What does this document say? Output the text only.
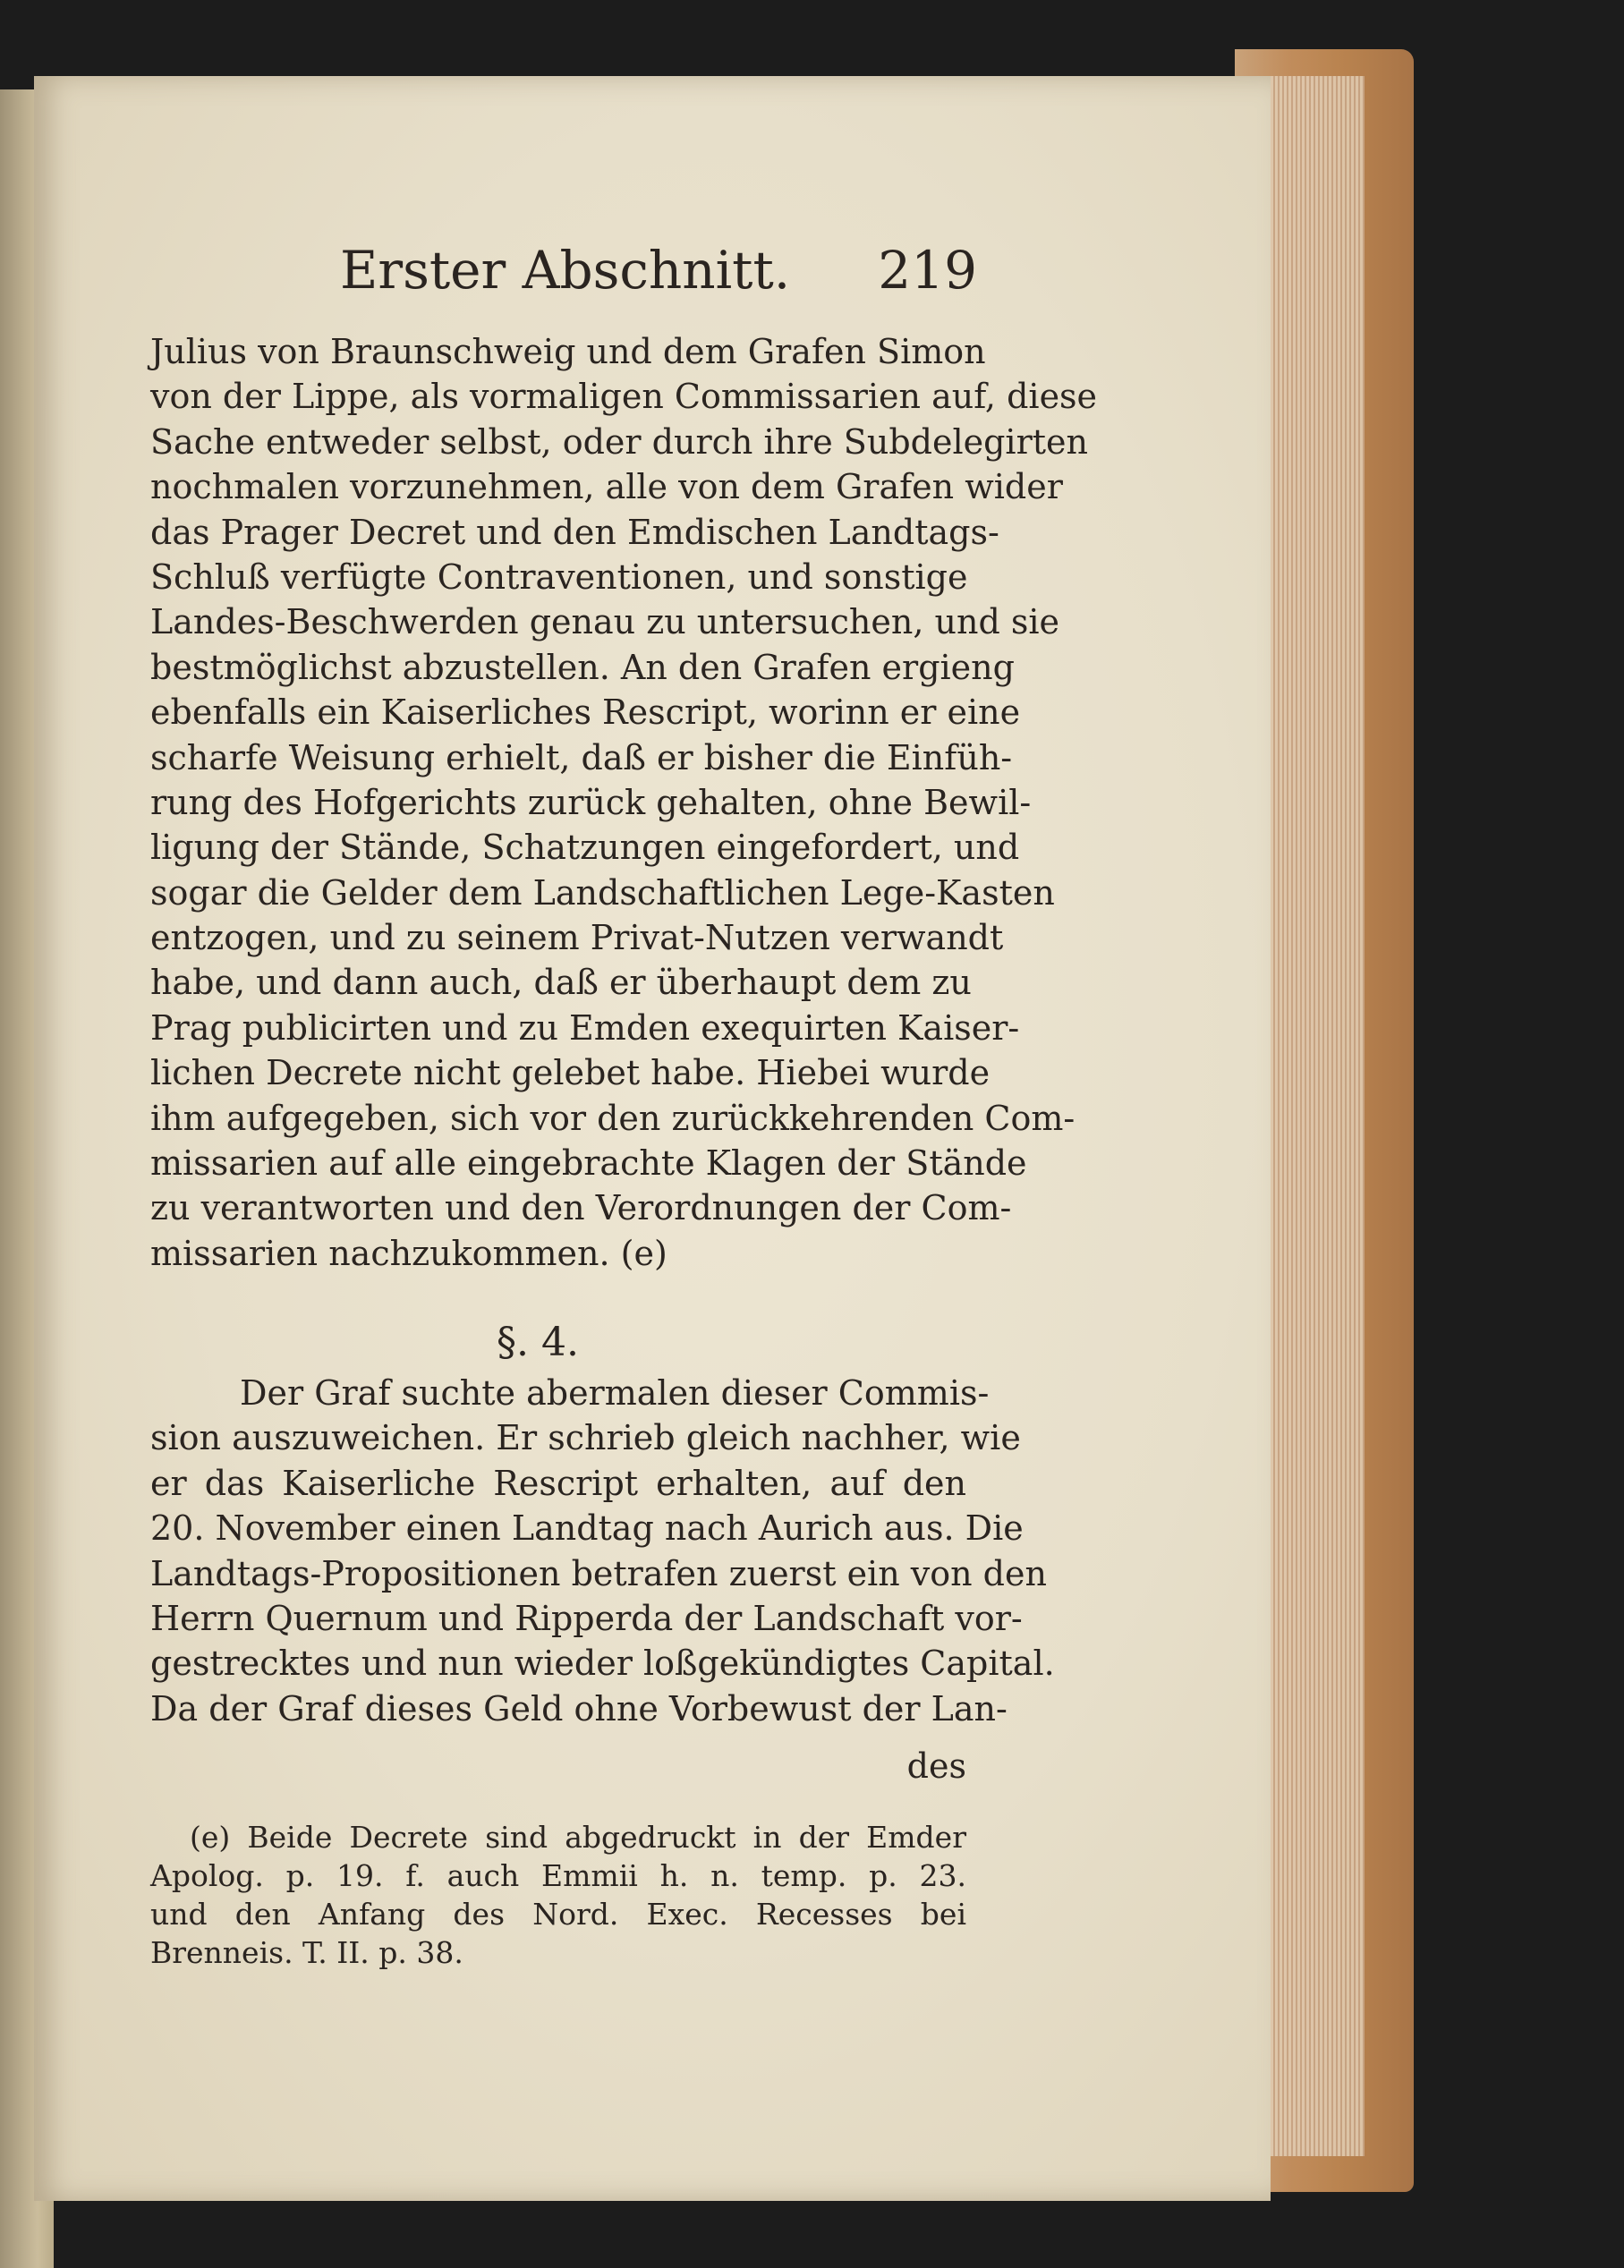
Erster Abschnitt. 219
Julius von Braunschweig und dem Grafen Simon
von der Lippe, als vormaligen Commissarien auf, diese
Sache entweder selbst, oder durch ihre Subdelegirten
nochmalen vorzunehmen, alle von dem Grafen wider
das Prager Decret und den Emdischen Landtags-
Schluß verfügte Contraventionen, und sonstige
Landes-Beschwerden genau zu untersuchen, und sie
bestmöglichst abzustellen. An den Grafen ergieng
ebenfalls ein Kaiserliches Rescript, worinn er eine
scharfe Weisung erhielt, daß er bisher die Einfüh-
rung des Hofgerichts zurück gehalten, ohne Bewil-
ligung der Stände, Schatzungen eingefordert, und
sogar die Gelder dem Landschaftlichen Lege-Kasten
entzogen, und zu seinem Privat-Nutzen verwandt
habe, und dann auch, daß er überhaupt dem zu
Prag publicirten und zu Emden exequirten Kaiser-
lichen Decrete nicht gelebet habe. Hiebei wurde
ihm aufgegeben, sich vor den zurückkehrenden Com-
missarien auf alle eingebrachte Klagen der Stände
zu verantworten und den Verordnungen der Com-
missarien nachzukommen. (e)
§. 4.
Der Graf suchte abermalen dieser Commis-
sion auszuweichen. Er schrieb gleich nachher, wie
er das Kaiserliche Rescript erhalten, auf den
20. November einen Landtag nach Aurich aus. Die
Landtags-Propositionen betrafen zuerst ein von den
Herrn Quernum und Ripperda der Landschaft vor-
gestrecktes und nun wieder loßgekündigtes Capital.
Da der Graf dieses Geld ohne Vorbewust der Lan-
des
(e) Beide Decrete sind abgedruckt in der Emder
Apolog. p. 19. f. auch Emmii h. n. temp. p. 23.
und den Anfang des Nord. Exec. Recesses bei
Brenneis. T. II. p. 38.
